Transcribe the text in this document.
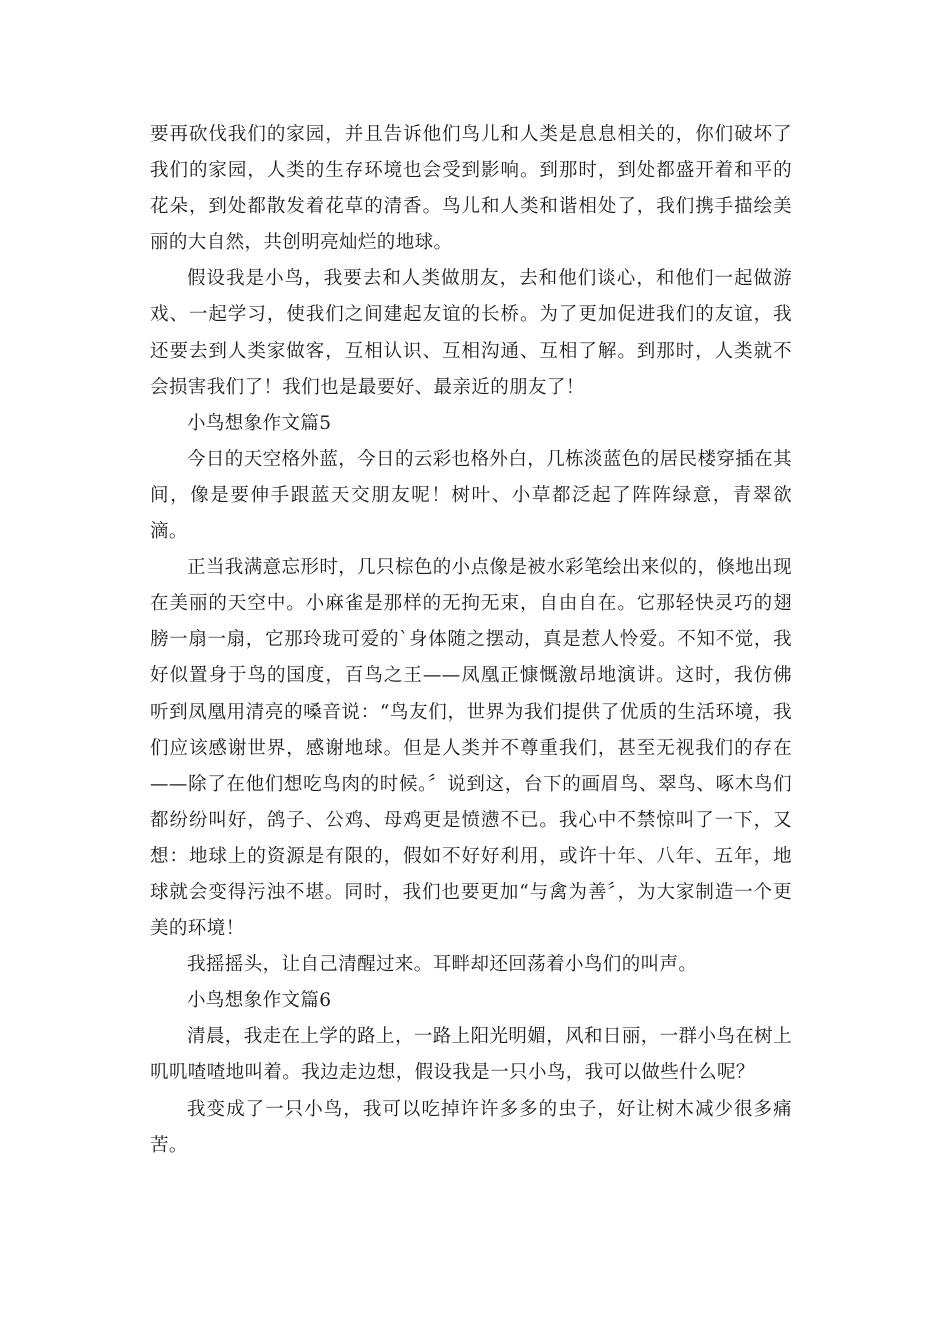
要再砍伐我们的家园，并且告诉他们鸟儿和人类是息息相关的，你们破坏了我们的家园，人类的生存环境也会受到影响。到那时，到处都盛开着和平的花朵，到处都散发着花草的清香。鸟儿和人类和谐相处了，我们携手描绘美丽的大自然，共创明亮灿烂的地球。

假设我是小鸟，我要去和人类做朋友，去和他们谈心，和他们一起做游戏、一起学习，使我们之间建起友谊的长桥。为了更加促进我们的友谊，我还要去到人类家做客，互相认识、互相沟通、互相了解。到那时，人类就不会损害我们了！我们也是最要好、最亲近的朋友了！

小鸟想象作文篇5

今日的天空格外蓝，今日的云彩也格外白，几栋淡蓝色的居民楼穿插在其间，像是要伸手跟蓝天交朋友呢！树叶、小草都泛起了阵阵绿意，青翠欲滴。

正当我满意忘形时，几只棕色的小点像是被水彩笔绘出来似的，倏地出现在美丽的天空中。小麻雀是那样的无拘无束，自由自在。它那轻快灵巧的翅膀一扇一扇，它那玲珑可爱的`身体随之摆动，真是惹人怜爱。不知不觉，我好似置身于鸟的国度，百鸟之王——凤凰正慷慨激昂地演讲。这时，我仿佛听到凤凰用清亮的嗓音说：“鸟友们，世界为我们提供了优质的生活环境，我们应该感谢世界，感谢地球。但是人类并不尊重我们，甚至无视我们的存在——除了在他们想吃鸟肉的时候。〞说到这，台下的画眉鸟、翠鸟、啄木鸟们都纷纷叫好，鸽子、公鸡、母鸡更是愤懑不已。我心中不禁惊叫了一下，又想：地球上的资源是有限的，假如不好好利用，或许十年、八年、五年，地球就会变得污浊不堪。同时，我们也要更加“与禽为善〞，为大家制造一个更美的环境！

我摇摇头，让自己清醒过来。耳畔却还回荡着小鸟们的叫声。

小鸟想象作文篇6

清晨，我走在上学的路上，一路上阳光明媚，风和日丽，一群小鸟在树上叽叽喳喳地叫着。我边走边想，假设我是一只小鸟，我可以做些什么呢？

我变成了一只小鸟，我可以吃掉许许多多的虫子，好让树木减少很多痛苦。
